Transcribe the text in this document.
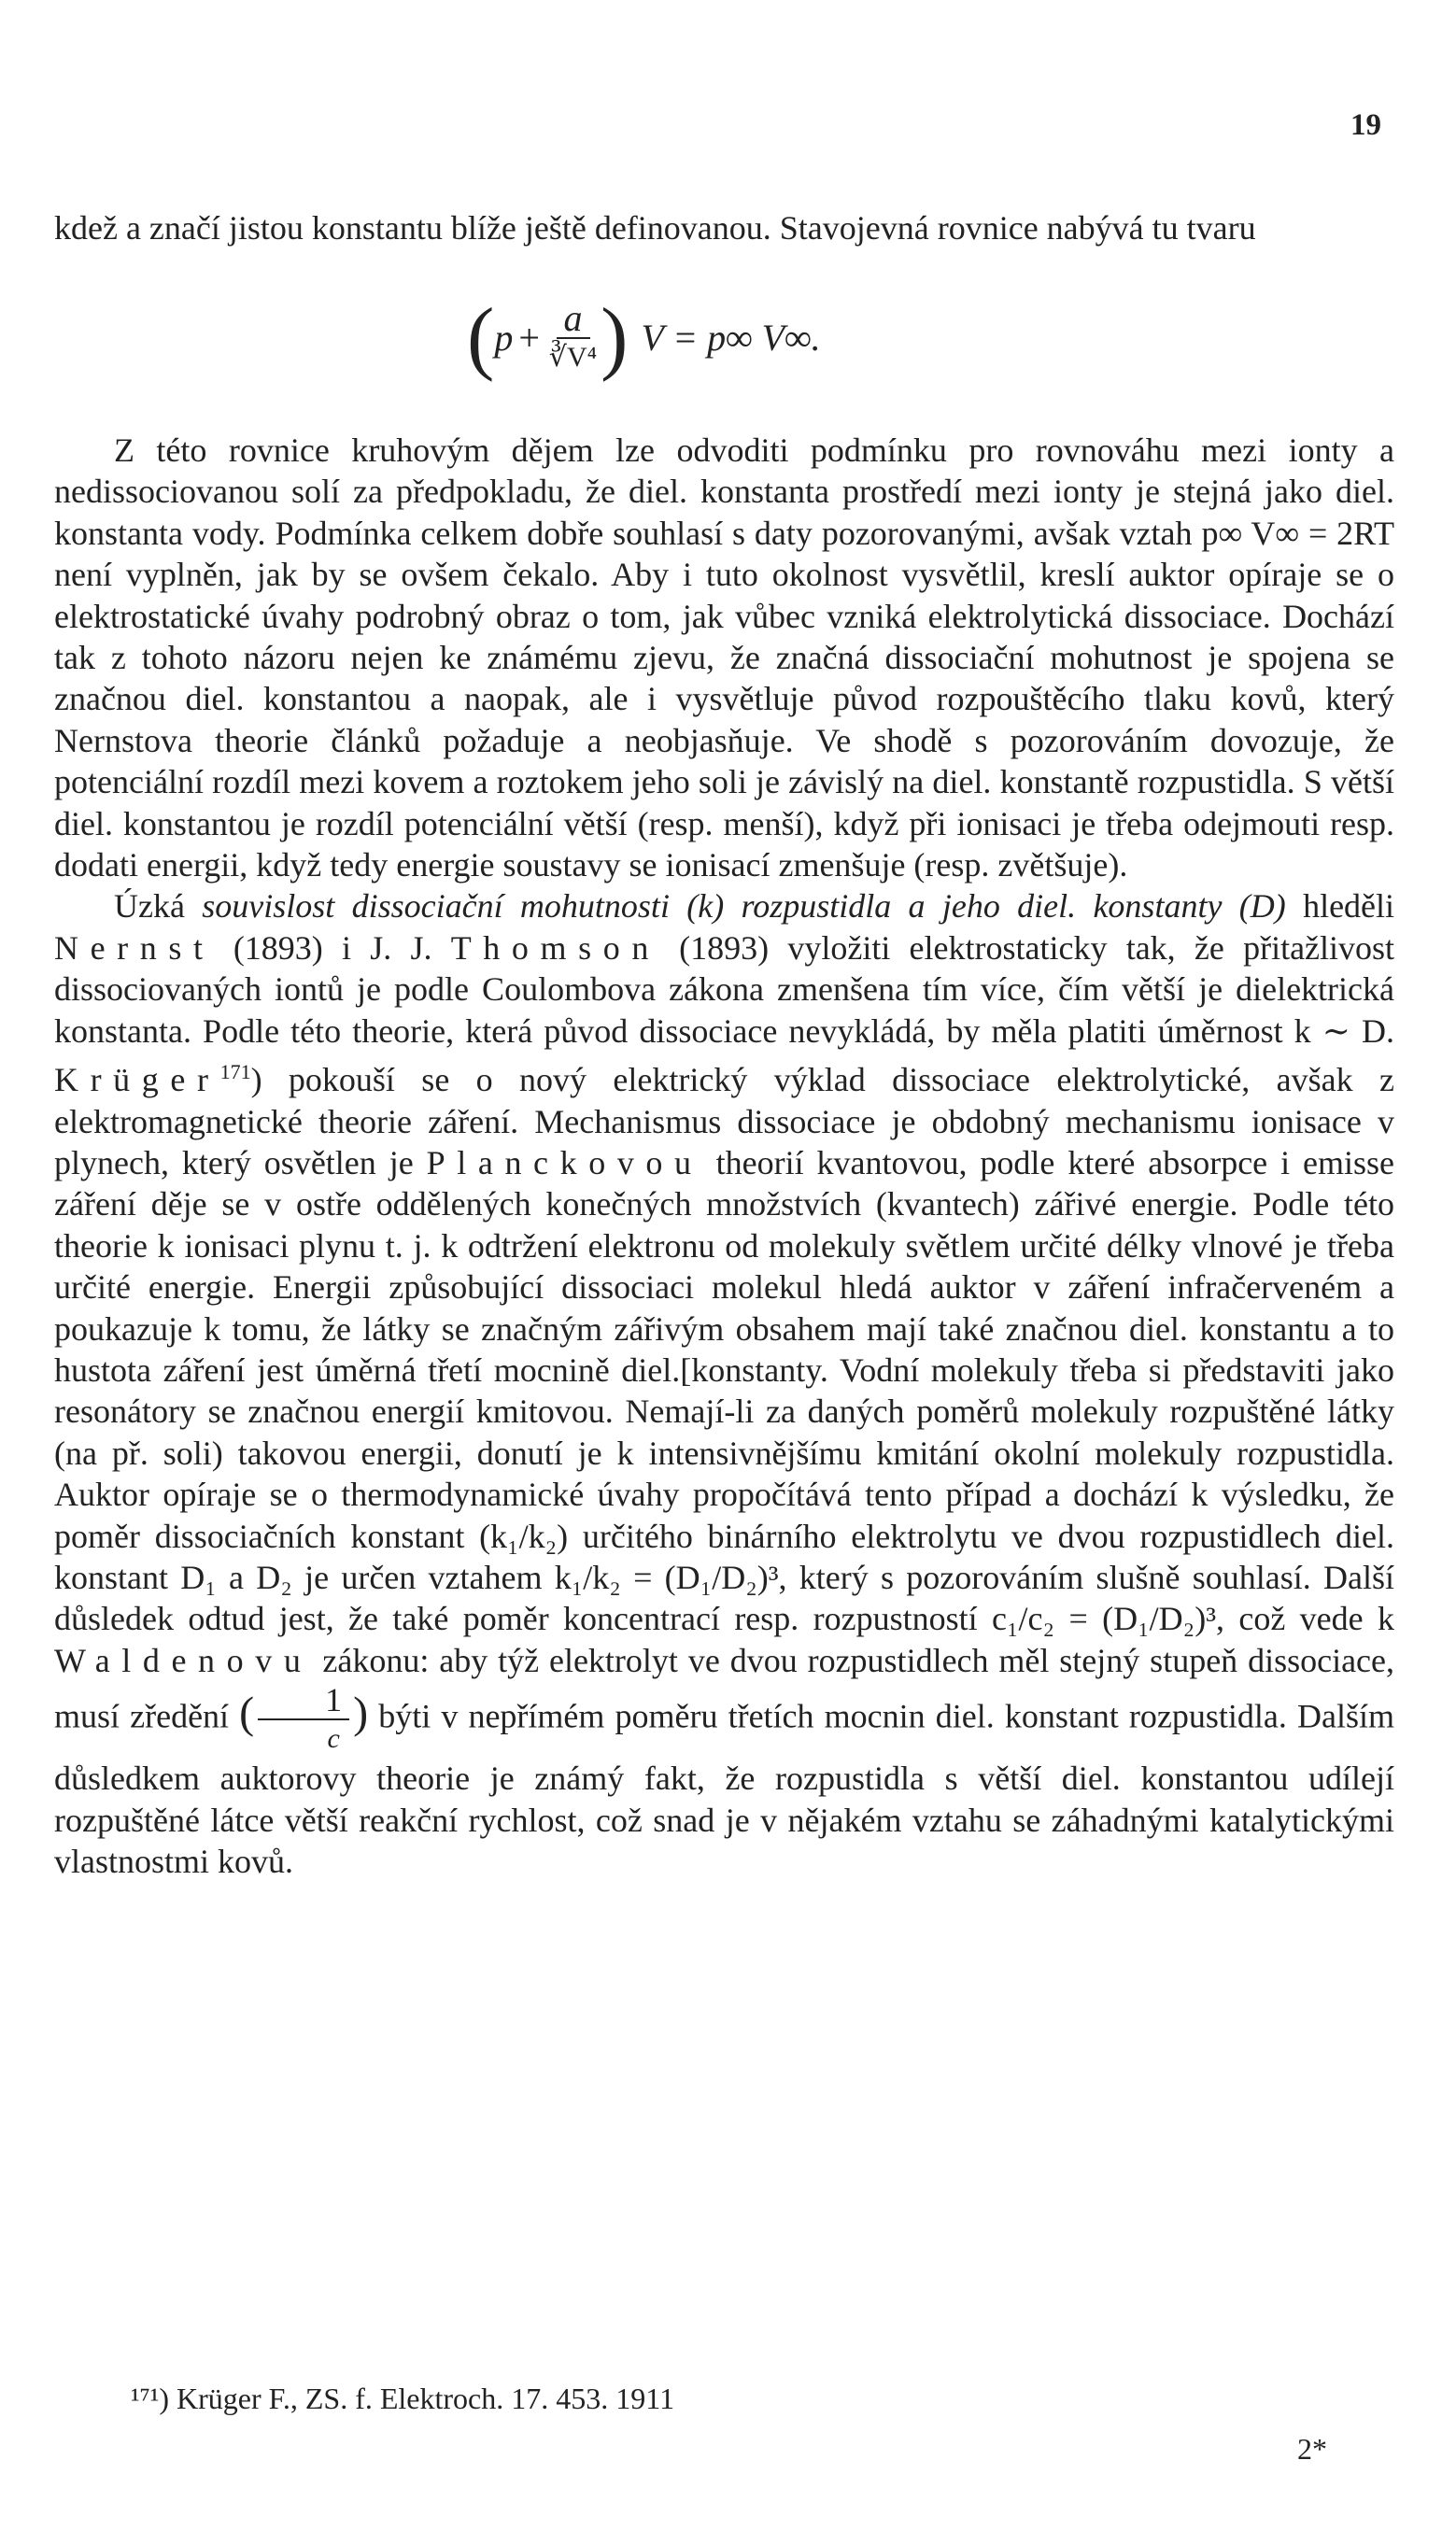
19

kdež a značí jistou konstantu blíže ještě definovanou. Stavojevná rovnice nabývá tu tvaru

( $p + \frac{a}{\text{∛V⁴}}$ ) V = p∞ V∞.

Z této rovnice kruhovým dějem lze odvoditi podmínku pro rovnováhu mezi ionty a nedissociovanou solí za předpokladu, že diel. konstanta prostředí mezi ionty je stejná jako diel. konstanta vody. Podmínka celkem dobře souhlasí s daty pozorovanými, avšak vztah p∞ V∞ = 2RT není vyplněn, jak by se ovšem čekalo. Aby i tuto okolnost vysvětlil, kreslí auktor opíraje se o elektrostatické úvahy podrobný obraz o tom, jak vůbec vzniká elektrolytická dissociace. Dochází tak z tohoto názoru nejen ke známému zjevu, že značná dissociační mohutnost je spojena se značnou diel. konstantou a naopak, ale i vysvětluje původ rozpouštěcího tlaku kovů, který Nernstova theorie článků požaduje a neobjasňuje. Ve shodě s pozorováním dovozuje, že potenciální rozdíl mezi kovem a roztokem jeho soli je závislý na diel. konstantě rozpustidla. S větší diel. konstantou je rozdíl potenciální větší (resp. menší), když při ionisaci je třeba odejmouti resp. dodati energii, když tedy energie soustavy se ionisací zmenšuje (resp. zvětšuje).

Úzká souvislost dissociační mohutnosti (k) rozpustidla a jeho diel. konstanty (D) hleděli Nernst (1893) i J. J. Thomson (1893) vyložiti elektrostaticky tak, že přitažlivost dissociovaných iontů je podle Coulombova zákona zmenšena tím více, čím větší je dielektrická konstanta. Podle této theorie, která původ dissociace nevykládá, by měla platiti úměrnost k ∼ D. Krüger$^{171}$) pokouší se o nový elektrický výklad dissociace elektrolytické, avšak z elektromagnetické theorie záření. Mechanismus dissociace je obdobný mechanismu ionisace v plynech, který osvětlen je Planckovou theorií kvantovou, podle které absorpce i emisse záření děje se v ostře oddělených konečných množstvích (kvantech) zářivé energie. Podle této theorie k ionisaci plynu t. j. k odtržení elektronu od molekuly světlem určité délky vlnové je třeba určité energie. Energii způsobující dissociaci molekul hledá auktor v záření infračerveném a poukazuje k tomu, že látky se značným zářivým obsahem mají také značnou diel. konstantu a to hustota záření jest úměrná třetí mocnině diel.[konstanty. Vodní molekuly třeba si představiti jako resonátory se značnou energií kmitovou. Nemají-li za daných poměrů molekuly rozpuštěné látky (na př. soli) takovou energii, donutí je k intensivnějšímu kmitání okolní molekuly rozpustidla. Auktor opíraje se o thermodynamické úvahy propočítává tento případ a dochází k výsledku, že poměr dissociačních konstant (k₁/k₂) určitého binárního elektrolytu ve dvou rozpustidlech diel. konstant D₁ a D₂ je určen vztahem k₁/k₂ = (D₁/D₂)³, který s pozorováním slušně souhlasí. Další důsledek odtud jest, že také poměr koncentrací resp. rozpustností c₁/c₂ = (D₁/D₂)³, což vede k Waldenovu zákonu: aby týž elektrolyt ve dvou rozpustidlech měl stejný stupeň dissociace, musí zředění ( $\frac{1}{c}$ ) býti v nepřímém poměru třetích mocnin diel. konstant rozpustidla. Dalším důsledkem auktorovy theorie je známý fakt, že rozpustidla s větší diel. konstantou udílejí rozpuštěné látce větší reakční rychlost, což snad je v nějakém vztahu se záhadnými katalytickými vlastnostmi kovů.

¹⁷¹) Krüger F., ZS. f. Elektroch. 17. 453. 1911
2*
